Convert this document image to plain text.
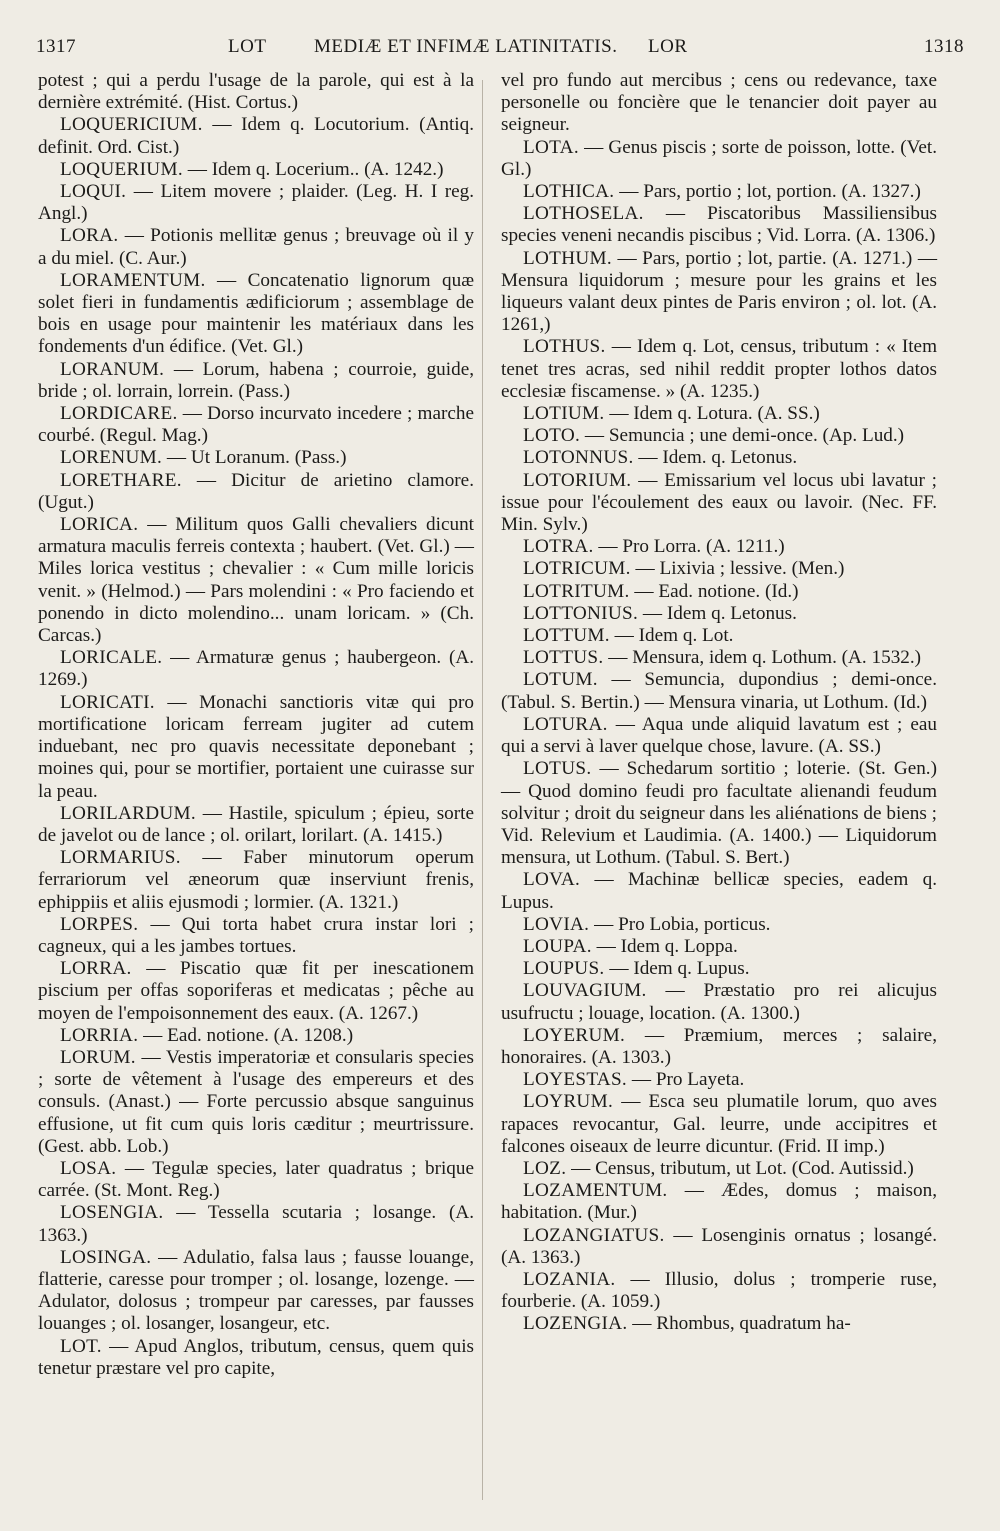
1317	LOT	MEDIÆ ET INFIMÆ LATINITATIS. LOR	1318

potest ; qui a perdu l'usage de la parole, qui est à la dernière extrémité. (Hist. Cortus.)

LOQUERICIUM. — Idem q. Locutorium. (Antiq. definit. Ord. Cist.)

LOQUERIUM. — Idem q. Locerium.. (A. 1242.)

LOQUI. — Litem movere ; plaider. (Leg. H. I reg. Angl.)

LORA. — Potionis mellitæ genus ; breuvage où il y a du miel. (C. Aur.)

LORAMENTUM. — Concatenatio lignorum quæ solet fieri in fundamentis ædificiorum ; assemblage de bois en usage pour maintenir les matériaux dans les fondements d'un édifice. (Vet. Gl.)

LORANUM. — Lorum, habena ; courroie, guide, bride ; ol. lorrain, lorrein. (Pass.)

LORDICARE. — Dorso incurvato incedere ; marche courbé. (Regul. Mag.)

LORENUM. — Ut Loranum. (Pass.)

LORETHARE. — Dicitur de arietino clamore. (Ugut.)

LORICA. — Militum quos Galli chevaliers dicunt armatura maculis ferreis contexta ; haubert. (Vet. Gl.) — Miles lorica vestitus ; chevalier : « Cum mille loricis venit. » (Helmod.) — Pars molendini : « Pro faciendo et ponendo in dicto molendino... unam loricam. » (Ch. Carcas.)

LORICALE. — Armaturæ genus ; haubergeon. (A. 1269.)

LORICATI. — Monachi sanctioris vitæ qui pro mortificatione loricam ferream jugiter ad cutem induebant, nec pro quavis necessitate deponebant ; moines qui, pour se mortifier, portaient une cuirasse sur la peau.

LORILARDUM. — Hastile, spiculum ; épieu, sorte de javelot ou de lance ; ol. orilart, lorilart. (A. 1415.)

LORMARIUS. — Faber minutorum operum ferrariorum vel æneorum quæ inserviunt frenis, ephippiis et aliis ejusmodi ; lormier. (A. 1321.)

LORPES. — Qui torta habet crura instar lori ; cagneux, qui a les jambes tortues.

LORRA. — Piscatio quæ fit per inescationem piscium per offas soporiferas et medicatas ; pêche au moyen de l'empoisonnement des eaux. (A. 1267.)

LORRIA. — Ead. notione. (A. 1208.)

LORUM. — Vestis imperatoriæ et consularis species ; sorte de vêtement à l'usage des empereurs et des consuls. (Anast.) — Forte percussio absque sanguinus effusione, ut fit cum quis loris cæditur ; meurtrissure. (Gest. abb. Lob.)

LOSA. — Tegulæ species, later quadratus ; brique carrée. (St. Mont. Reg.)

LOSENGIA. — Tessella scutaria ; losange. (A. 1363.)

LOSINGA. — Adulatio, falsa laus ; fausse louange, flatterie, caresse pour tromper ; ol. losange, lozenge. — Adulator, dolosus ; trompeur par caresses, par fausses louanges ; ol. losanger, losangeur, etc.

LOT. — Apud Anglos, tributum, census, quem quis tenetur præstare vel pro capite,

vel pro fundo aut mercibus ; cens ou redevance, taxe personelle ou foncière que le tenancier doit payer au seigneur.

LOTA. — Genus piscis ; sorte de poisson, lotte. (Vet. Gl.)

LOTHICA. — Pars, portio ; lot, portion. (A. 1327.)

LOTHOSELA. — Piscatoribus Massiliensibus species veneni necandis piscibus ; Vid. Lorra. (A. 1306.)

LOTHUM. — Pars, portio ; lot, partie. (A. 1271.) — Mensura liquidorum ; mesure pour les grains et les liqueurs valant deux pintes de Paris environ ; ol. lot. (A. 1261,)

LOTHUS. — Idem q. Lot, census, tributum : « Item tenet tres acras, sed nihil reddit propter lothos datos ecclesiæ fiscamense. » (A. 1235.)

LOTIUM. — Idem q. Lotura. (A. SS.)

LOTO. — Semuncia ; une demi-once. (Ap. Lud.)

LOTONNUS. — Idem. q. Letonus.

LOTORIUM. — Emissarium vel locus ubi lavatur ; issue pour l'écoulement des eaux ou lavoir. (Nec. FF. Min. Sylv.)

LOTRA. — Pro Lorra. (A. 1211.)

LOTRICUM. — Lixivia ; lessive. (Men.)

LOTRITUM. — Ead. notione. (Id.)

LOTTONIUS. — Idem q. Letonus.

LOTTUM. — Idem q. Lot.

LOTTUS. — Mensura, idem q. Lothum. (A. 1532.)

LOTUM. — Semuncia, dupondius ; demi-once. (Tabul. S. Bertin.) — Mensura vinaria, ut Lothum. (Id.)

LOTURA. — Aqua unde aliquid lavatum est ; eau qui a servi à laver quelque chose, lavure. (A. SS.)

LOTUS. — Schedarum sortitio ; loterie. (St. Gen.) — Quod domino feudi pro facultate alienandi feudum solvitur ; droit du seigneur dans les aliénations de biens ; Vid. Relevium et Laudimia. (A. 1400.) — Liquidorum mensura, ut Lothum. (Tabul. S. Bert.)

LOVA. — Machinæ bellicæ species, eadem q. Lupus.

LOVIA. — Pro Lobia, porticus.

LOUPA. — Idem q. Loppa.

LOUPUS. — Idem q. Lupus.

LOUVAGIUM. — Præstatio pro rei alicujus usufructu ; louage, location. (A. 1300.)

LOYERUM. — Præmium, merces ; salaire, honoraires. (A. 1303.)

LOYESTAS. — Pro Layeta.

LOYRUM. — Esca seu plumatile lorum, quo aves rapaces revocantur, Gal. leurre, unde accipitres et falcones oiseaux de leurre dicuntur. (Frid. II imp.)

LOZ. — Census, tributum, ut Lot. (Cod. Autissid.)

LOZAMENTUM. — Ædes, domus ; maison, habitation. (Mur.)

LOZANGIATUS. — Losenginis ornatus ; losangé. (A. 1363.)

LOZANIA. — Illusio, dolus ; tromperie ruse, fourberie. (A. 1059.)

LOZENGIA. — Rhombus, quadratum ha-
